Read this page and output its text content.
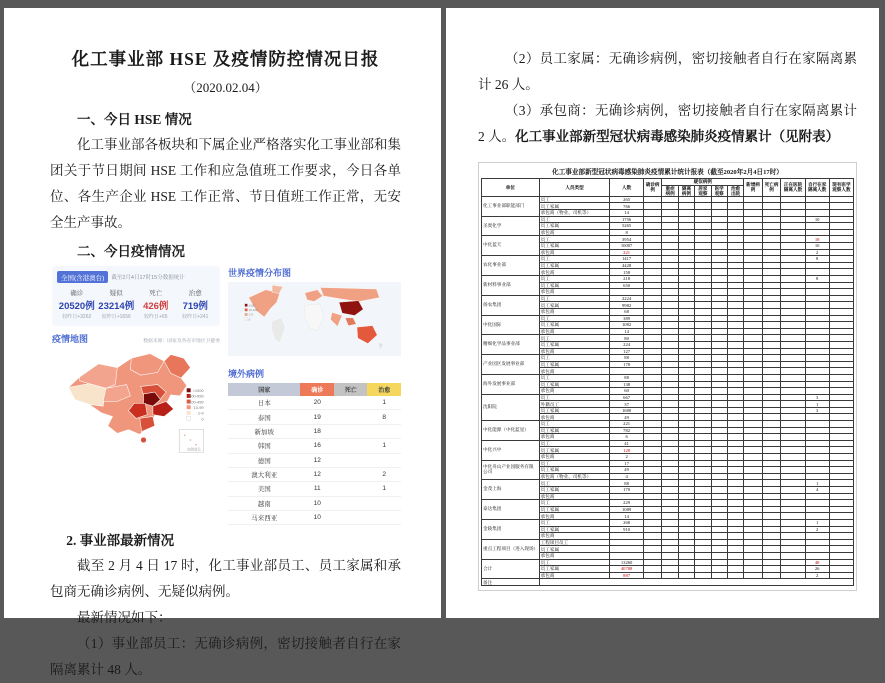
化工事业部 HSE 及疫情防控情况日报
（2020.02.04）
一、今日 HSE 情况

化工事业部各板块和下属企业严格落实化工事业部和集团关于节日期间 HSE 工作和应急值班工作要求，今日各单位、各生产企业 HSE 工作正常、节日值班工作正常，无安全生产事故。

二、今日疫情情况
全国(含港澳台)	截至2月4日17时15分数据统计
确诊
20520例
较昨日+3262
疑似
23214例
较昨日+1656
死亡
426例
较昨日+65
治愈
719例
较昨日+241
疫情地图	数据来源：国家及各省市地区卫健委
>1000
500-999
100-499
10-99
1-9
0
南海诸岛
世界疫情分布图
≥100
10-100
1-9
0
境外病例
国家	确诊	死亡	治愈
日本	20		1
泰国	19		8
新加坡	18		
韩国	16		1
德国	12		
澳大利亚	12		2
美国	11		1
越南	10		
马来西亚	10		
2. 事业部最新情况

截至 2 月 4 日 17 时，化工事业部员工、员工家属和承包商无确诊病例、无疑似病例。

最新情况如下：

（1）事业部员工：无确诊病例，密切接触者自行在家隔离累计 48 人。

（2）员工家属：无确诊病例，密切接触者自行在家隔离累计 26 人。

（3）承包商：无确诊病例，密切接触者自行在家隔离累计 2 人。化工事业部新型冠状病毒感染肺炎疫情累计（见附表）

化工事业部新型冠状病毒感染肺炎疫情累计统计报表（截至2020年2月4日17时）
单位	人员类型	人数	确诊病例	疑似病例					新增病例	死亡病例	正在医院隔离人数	自行在家隔离人数	现有医学观察人数
				重症病例	隔离病例	居家观察	医学观察	治愈出院					
化工事业部职能部门	员工	265											
	员工家属	766											
	承包商（物业、司机等）	14											
圣奥化学	员工	1756										10	
	员工家属	5265											
	承包商	8											
中化蓝天	员工	3954										18	
	员工家属	10007										10	
	承包商	221										2	
农化事业部	员工	1417										8	
	员工家属	4428											
	承包商	158											
新材料事业部	员工	218										8	
	员工家属	650											
	承包商												
扬农集团	员工	2224											
	员工家属	9982											
	承包商	68											
中化国际	员工	389											
	员工家属	1082											
	承包商	14											
精细化学品事业部	员工	80											
	员工家属	224											
	承包商	127											
产业园区发展事业部	员工	88											
	员工家属	178											
	承包商												
海外发展事业部	员工	88											
	员工家属	138											
	承包商	60											
沈阳院	员工	667										3	
	外籍员工	37										1	
	员工家属	1680										3	
	承包商	49											
中化能源（中化蓝星）	员工	221											
	员工家属	782											
	承包商	6											
中化兴中	员工	41											
	员工家属	128											
	承包商	2											
中化舟山产业园服务有限公司	员工	17											
	员工家属	49											
	承包商（物业、司机等）	4											
金茂上海	员工	88										1	
	员工家属	170										4	
	承包商												
泰达集团	员工	229											
	员工家属	1089											
	承包商	14											
金陵集团	员工	268										1	
	员工家属	910										2	
	承包商												
重点工程项目（进入现场）	工程项目员工												
	员工家属												
	承包商												
合计	员工	13260										48	
	员工家属	40788										26	
	承包商	887										2	
备注													
